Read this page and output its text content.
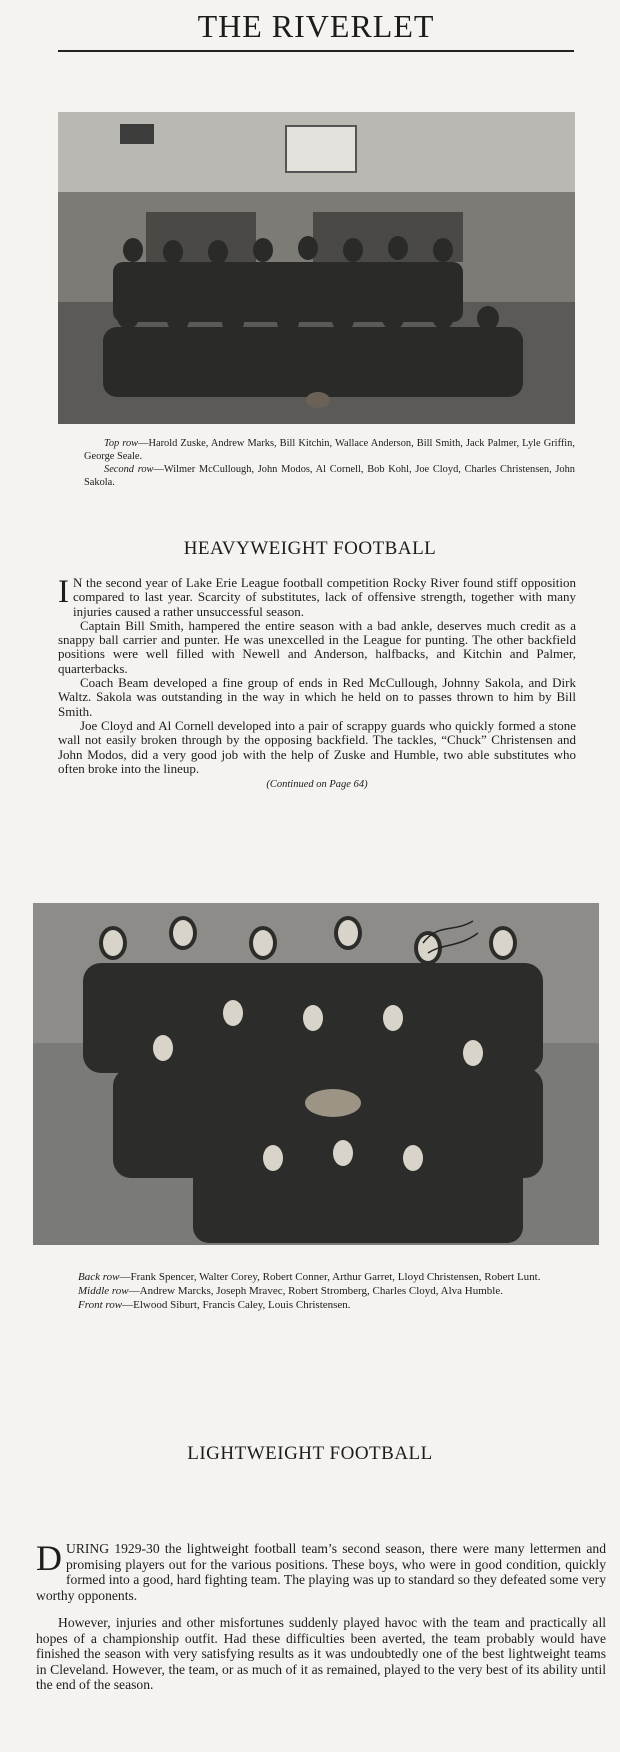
THE RIVERLET

Top row—Harold Zuske, Andrew Marks, Bill Kitchin, Wallace Anderson, Bill Smith, Jack Palmer, Lyle Griffin, George Seale.

Second row—Wilmer McCullough, John Modos, Al Cornell, Bob Kohl, Joe Cloyd, Charles Christensen, John Sakola.

HEAVYWEIGHT FOOTBALL

I N the second year of Lake Erie League football competition Rocky River found stiff opposition compared to last year. Scarcity of substitutes, lack of offensive strength, together with many injuries caused a rather unsuccessful season.

Captain Bill Smith, hampered the entire season with a bad ankle, deserves much credit as a snappy ball carrier and punter. He was unexcelled in the League for punting. The other backfield positions were well filled with Newell and Anderson, halfbacks, and Kitchin and Palmer, quarterbacks.

Coach Beam developed a fine group of ends in Red McCullough, Johnny Sakola, and Dirk Waltz. Sakola was outstanding in the way in which he held on to passes thrown to him by Bill Smith.

Joe Cloyd and Al Cornell developed into a pair of scrappy guards who quickly formed a stone wall not easily broken through by the opposing backfield. The tackles, “Chuck” Christensen and John Modos, did a very good job with the help of Zuske and Humble, two able substitutes who often broke into the lineup.

(Continued on Page 64)

Back row—Frank Spencer, Walter Corey, Robert Conner, Arthur Garret, Lloyd Christensen, Robert Lunt.

Middle row—Andrew Marcks, Joseph Mravec, Robert Stromberg, Charles Cloyd, Alva Humble.

Front row—Elwood Siburt, Francis Caley, Louis Christensen.

LIGHTWEIGHT FOOTBALL

DURING 1929-30 the lightweight football team’s second season, there were many lettermen and promising players out for the various positions. These boys, who were in good condition, quickly formed into a good, hard fighting team. The playing was up to standard so they defeated some very worthy opponents.

However, injuries and other misfortunes suddenly played havoc with the team and practically all hopes of a championship outfit. Had these difficulties been averted, the team probably would have finished the season with very satisfying results as it was undoubtedly one of the best lightweight teams in Cleveland. However, the team, or as much of it as remained, played to the very best of its ability until the end of the season.
